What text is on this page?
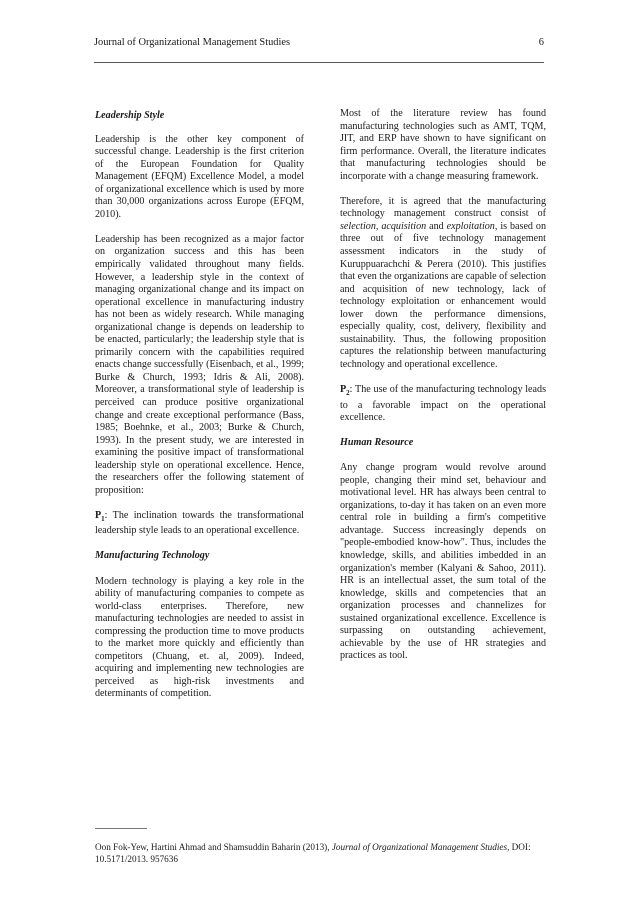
Journal of Organizational Management Studies	6
Leadership Style

Leadership is the other key component of successful change. Leadership is the first criterion of the European Foundation for Quality Management (EFQM) Excellence Model, a model of organizational excellence which is used by more than 30,000 organizations across Europe (EFQM, 2010).

Leadership has been recognized as a major factor on organization success and this has been empirically validated throughout many fields. However, a leadership style in the context of managing organizational change and its impact on operational excellence in manufacturing industry has not been as widely research. While managing organizational change is depends on leadership to be enacted, particularly; the leadership style that is primarily concern with the capabilities required enacts change successfully (Eisenbach, et al., 1999; Burke & Church, 1993; Idris & Ali, 2008). Moreover, a transformational style of leadership is perceived can produce positive organizational change and create exceptional performance (Bass, 1985; Boehnke, et al., 2003; Burke & Church, 1993). In the present study, we are interested in examining the positive impact of transformational leadership style on operational excellence. Hence, the researchers offer the following statement of proposition:

$P_1$: The inclination towards the transformational leadership style leads to an operational excellence.

Manufacturing Technology

Modern technology is playing a key role in the ability of manufacturing companies to compete as world-class enterprises. Therefore, new manufacturing technologies are needed to assist in compressing the production time to move products to the market more quickly and efficiently than competitors (Chuang, et. al, 2009). Indeed, acquiring and implementing new technologies are perceived as high-risk investments and determinants of competition.

Most of the literature review has found manufacturing technologies such as AMT, TQM, JIT, and ERP have shown to have significant on firm performance. Overall, the literature indicates that manufacturing technologies should be incorporate with a change measuring framework.

Therefore, it is agreed that the manufacturing technology management construct consist of selection, acquisition and exploitation, is based on three out of five technology management assessment indicators in the study of Kuruppuarachchi & Perera (2010). This justifies that even the organizations are capable of selection and acquisition of new technology, lack of technology exploitation or enhancement would lower down the performance dimensions, especially quality, cost, delivery, flexibility and sustainability. Thus, the following proposition captures the relationship between manufacturing technology and operational excellence.

$P_2$: The use of the manufacturing technology leads to a favorable impact on the operational excellence.

Human Resource

Any change program would revolve around people, changing their mind set, behaviour and motivational level. HR has always been central to organizations, to-day it has taken on an even more central role in building a firm's competitive advantage. Success increasingly depends on "people-embodied know-how". Thus, includes the knowledge, skills, and abilities imbedded in an organization's member (Kalyani & Sahoo, 2011). HR is an intellectual asset, the sum total of the knowledge, skills and competencies that an organization processes and channelizes for sustained organizational excellence. Excellence is surpassing on outstanding achievement, achievable by the use of HR strategies and practices as tool.

Oon Fok-Yew, Hartini Ahmad and Shamsuddin Baharin (2013), Journal of Organizational Management Studies, DOI: 10.5171/2013. 957636
